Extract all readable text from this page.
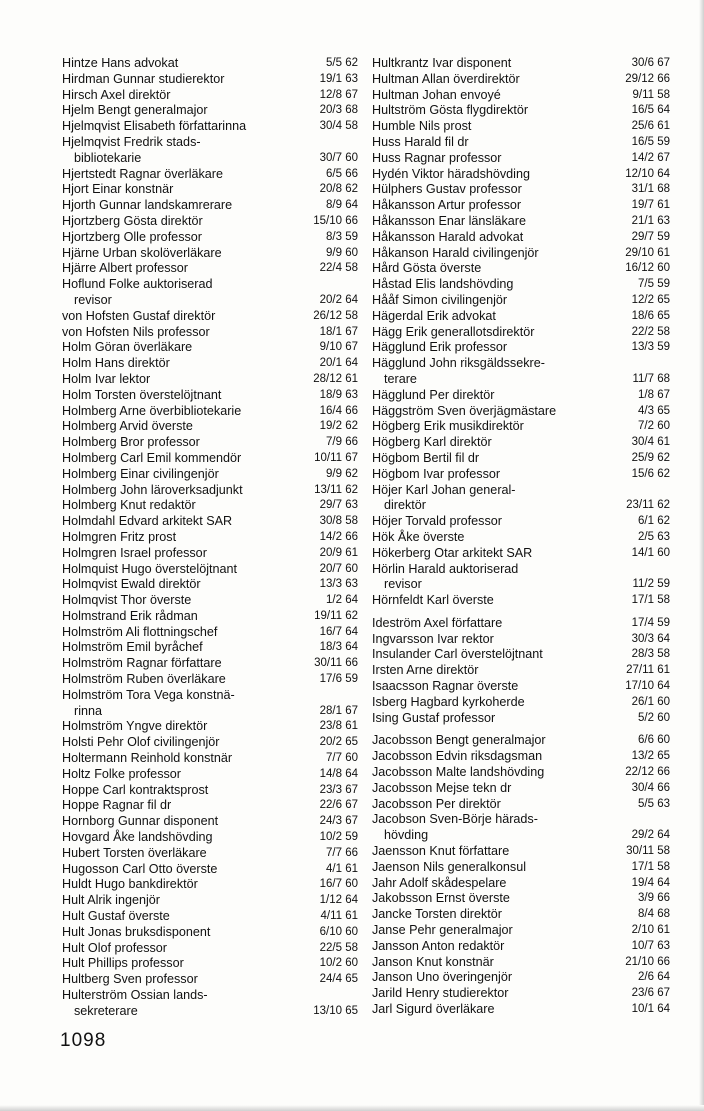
Hintze Hans advokat	5/5 62
Hirdman Gunnar studierektor	19/1 63
Hirsch Axel direktör	12/8 67
Hjelm Bengt generalmajor	20/3 68
Hjelmqvist Elisabeth författarinna	30/4 58
Hjelmqvist Fredrik stads-
bibliotekarie	30/7 60
Hjertstedt Ragnar överläkare	6/5 66
Hjort Einar konstnär	20/8 62
Hjorth Gunnar landskamrerare	8/9 64
Hjortzberg Gösta direktör	15/10 66
Hjortzberg Olle professor	8/3 59
Hjärne Urban skolöverläkare	9/9 60
Hjärre Albert professor	22/4 58
Hoflund Folke auktoriserad
revisor	20/2 64
von Hofsten Gustaf direktör	26/12 58
von Hofsten Nils professor	18/1 67
Holm Göran överläkare	9/10 67
Holm Hans direktör	20/1 64
Holm Ivar lektor	28/12 61
Holm Torsten överstelöjtnant	18/9 63
Holmberg Arne överbibliotekarie	16/4 66
Holmberg Arvid överste	19/2 62
Holmberg Bror professor	7/9 66
Holmberg Carl Emil kommendör	10/11 67
Holmberg Einar civilingenjör	9/9 62
Holmberg John läroverksadjunkt	13/11 62
Holmberg Knut redaktör	29/7 63
Holmdahl Edvard arkitekt SAR	30/8 58
Holmgren Fritz prost	14/2 66
Holmgren Israel professor	20/9 61
Holmquist Hugo överstelöjtnant	20/7 60
Holmqvist Ewald direktör	13/3 63
Holmqvist Thor överste	1/2 64
Holmstrand Erik rådman	19/11 62
Holmström Ali flottningschef	16/7 64
Holmström Emil byråchef	18/3 64
Holmström Ragnar författare	30/11 66
Holmström Ruben överläkare	17/6 59
Holmström Tora Vega konstnä-
rinna	28/1 67
Holmström Yngve direktör	23/8 61
Holsti Pehr Olof civilingenjör	20/2 65
Holtermann Reinhold konstnär	7/7 60
Holtz Folke professor	14/8 64
Hoppe Carl kontraktsprost	23/3 67
Hoppe Ragnar fil dr	22/6 67
Hornborg Gunnar disponent	24/3 67
Hovgard Åke landshövding	10/2 59
Hubert Torsten överläkare	7/7 66
Hugosson Carl Otto överste	4/1 61
Huldt Hugo bankdirektör	16/7 60
Hult Alrik ingenjör	1/12 64
Hult Gustaf överste	4/11 61
Hult Jonas bruksdisponent	6/10 60
Hult Olof professor	22/5 58
Hult Phillips professor	10/2 60
Hultberg Sven professor	24/4 65
Hulterström Ossian lands-
sekreterare	13/10 65
Hultkrantz Ivar disponent	30/6 67
Hultman Allan överdirektör	29/12 66
Hultman Johan envoyé	9/11 58
Hultström Gösta flygdirektör	16/5 64
Humble Nils prost	25/6 61
Huss Harald fil dr	16/5 59
Huss Ragnar professor	14/2 67
Hydén Viktor häradshövding	12/10 64
Hülphers Gustav professor	31/1 68
Håkansson Artur professor	19/7 61
Håkansson Enar länsläkare	21/1 63
Håkansson Harald advokat	29/7 59
Håkanson Harald civilingenjör	29/10 61
Hård Gösta överste	16/12 60
Håstad Elis landshövding	7/5 59
Hååf Simon civilingenjör	12/2 65
Hägerdal Erik advokat	18/6 65
Hägg Erik generallotsdirektör	22/2 58
Hägglund Erik professor	13/3 59
Hägglund John riksgäldssekre-
terare	11/7 68
Hägglund Per direktör	1/8 67
Häggström Sven överjägmästare	4/3 65
Högberg Erik musikdirektör	7/2 60
Högberg Karl direktör	30/4 61
Högbom Bertil fil dr	25/9 62
Högbom Ivar professor	15/6 62
Höjer Karl Johan general-
direktör	23/11 62
Höjer Torvald professor	6/1 62
Hök Åke överste	2/5 63
Hökerberg Otar arkitekt SAR	14/1 60
Hörlin Harald auktoriserad
revisor	11/2 59
Hörnfeldt Karl överste	17/1 58
Ideström Axel författare	17/4 59
Ingvarsson Ivar rektor	30/3 64
Insulander Carl överstelöjtnant	28/3 58
Irsten Arne direktör	27/11 61
Isaacsson Ragnar överste	17/10 64
Isberg Hagbard kyrkoherde	26/1 60
Ising Gustaf professor	5/2 60
Jacobsson Bengt generalmajor	6/6 60
Jacobsson Edvin riksdagsman	13/2 65
Jacobsson Malte landshövding	22/12 66
Jacobsson Mejse tekn dr	30/4 66
Jacobsson Per direktör	5/5 63
Jacobson Sven-Börje härads-
hövding	29/2 64
Jaensson Knut författare	30/11 58
Jaenson Nils generalkonsul	17/1 58
Jahr Adolf skådespelare	19/4 64
Jakobsson Ernst överste	3/9 66
Jancke Torsten direktör	8/4 68
Janse Pehr generalmajor	2/10 61
Jansson Anton redaktör	10/7 63
Janson Knut konstnär	21/10 66
Janson Uno överingenjör	2/6 64
Jarild Henry studierektor	23/6 67
Jarl Sigurd överläkare	10/1 64
1098
